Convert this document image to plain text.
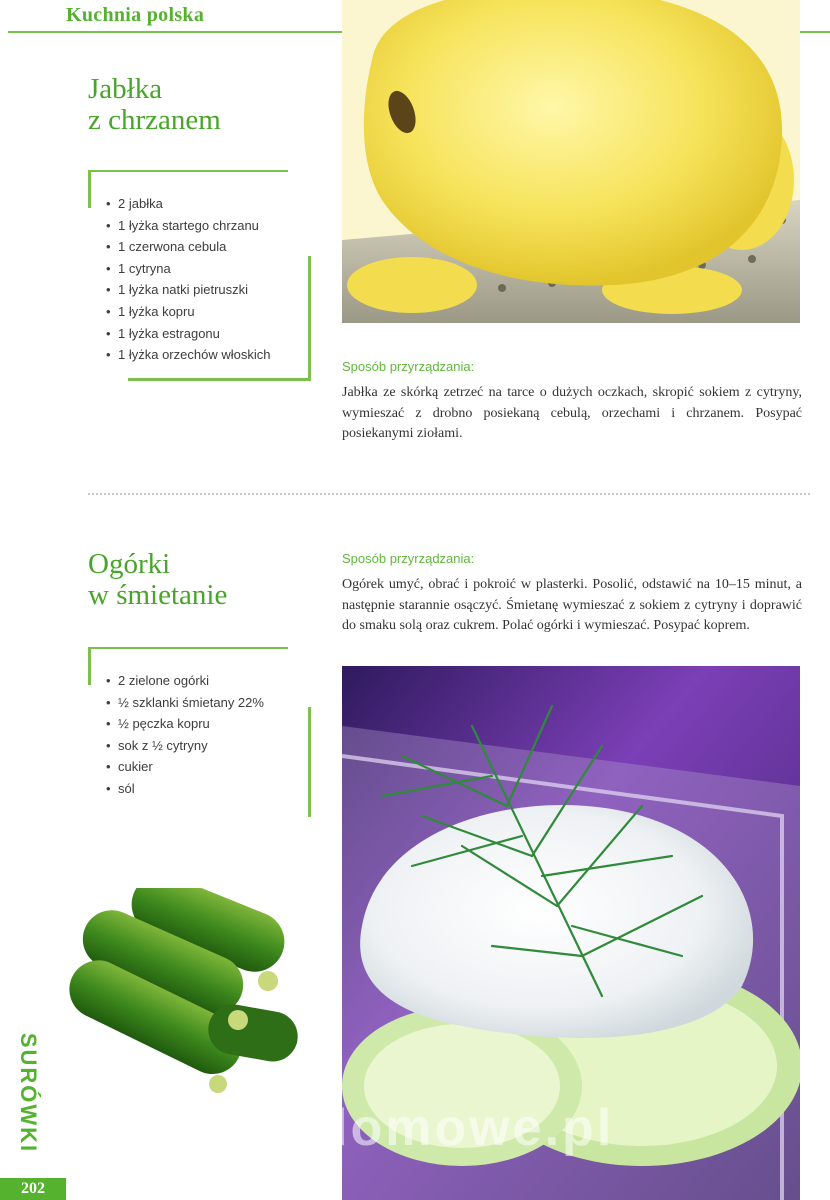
Kuchnia polska
Jabłka
z chrzanem
• 2 jabłka
• 1 łyżka startego chrzanu
• 1 czerwona cebula
• 1 cytryna
• 1 łyżka natki pietruszki
• 1 łyżka kopru
• 1 łyżka estragonu
• 1 łyżka orzechów włoskich
Sposób przyrządzania:
Jabłka ze skórką zetrzeć na tarce o dużych oczkach, skropić sokiem z cytryny, wymieszać z drobno posiekaną cebulą, orzechami i chrzanem. Posypać posiekanymi ziołami.
Ogórki
w śmietanie
Sposób przyrządzania:
Ogórek umyć, obrać i pokroić w plasterki. Posolić, odstawić na 10–15 minut, a następnie starannie osączyć. Śmietanę wymieszać z sokiem z cytryny i doprawić do smaku solą oraz cukrem. Polać ogórki i wymieszać. Posypać koprem.
• 2 zielone ogórki
• ½ szklanki śmietany 22%
• ½ pęczka kopru
• sok z ½ cytryny
• cukier
• sól
SURÓWKI
202
wedlinydomowe.pl
